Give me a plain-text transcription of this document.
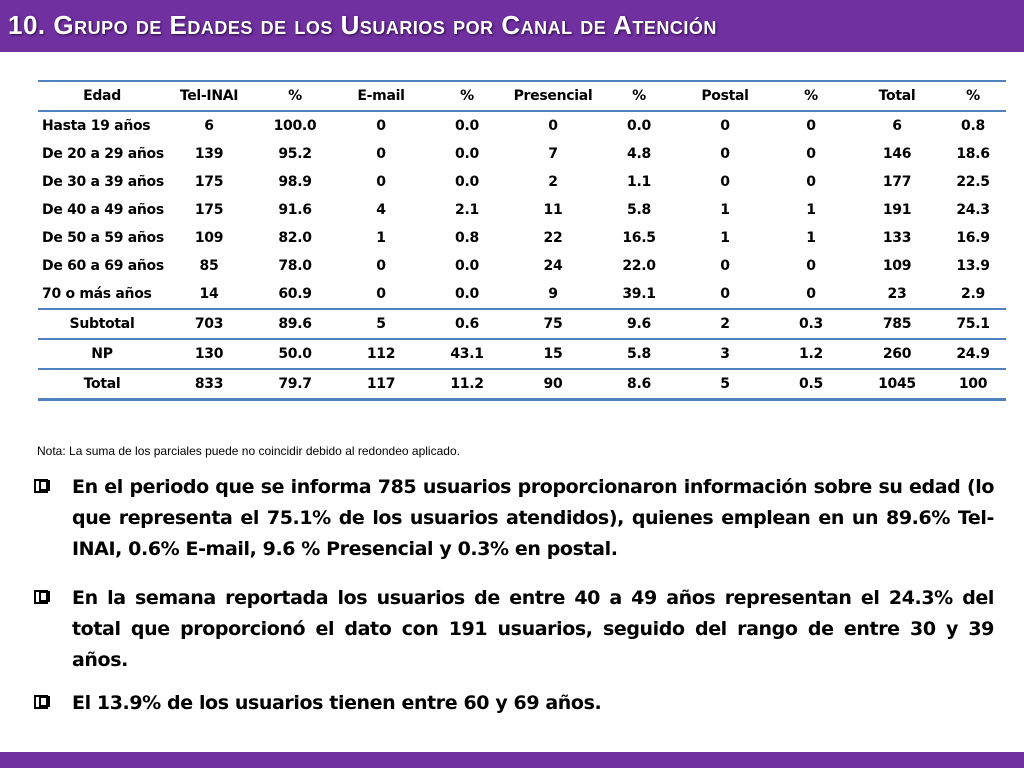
10. Grupo de Edades de los Usuarios por Canal de Atención
Edad	Tel-INAI	%	E-mail	%	Presencial	%	Postal	%	Total	%
Hasta 19 años	6	100.0	0	0.0	0	0.0	0	0	6	0.8
De 20 a 29 años	139	95.2	0	0.0	7	4.8	0	0	146	18.6
De 30 a 39 años	175	98.9	0	0.0	2	1.1	0	0	177	22.5
De 40 a 49 años	175	91.6	4	2.1	11	5.8	1	1	191	24.3
De 50 a 59 años	109	82.0	1	0.8	22	16.5	1	1	133	16.9
De 60 a 69 años	85	78.0	0	0.0	24	22.0	0	0	109	13.9
70 o más años	14	60.9	0	0.0	9	39.1	0	0	23	2.9
Subtotal	703	89.6	5	0.6	75	9.6	2	0.3	785	75.1
NP	130	50.0	112	43.1	15	5.8	3	1.2	260	24.9
Total	833	79.7	117	11.2	90	8.6	5	0.5	1045	100

Nota: La suma de los parciales puede no coincidir debido al redondeo aplicado.

En el periodo que se informa 785 usuarios proporcionaron información sobre su edad (lo que representa el 75.1% de los usuarios atendidos), quienes emplean en un 89.6% Tel-INAI, 0.6% E-mail, 9.6 % Presencial y 0.3% en postal.
En la semana reportada los usuarios de entre 40 a 49 años representan el 24.3% del total que proporcionó el dato con 191 usuarios, seguido del rango de entre 30 y 39 años.
El 13.9% de los usuarios tienen entre 60 y 69 años.
